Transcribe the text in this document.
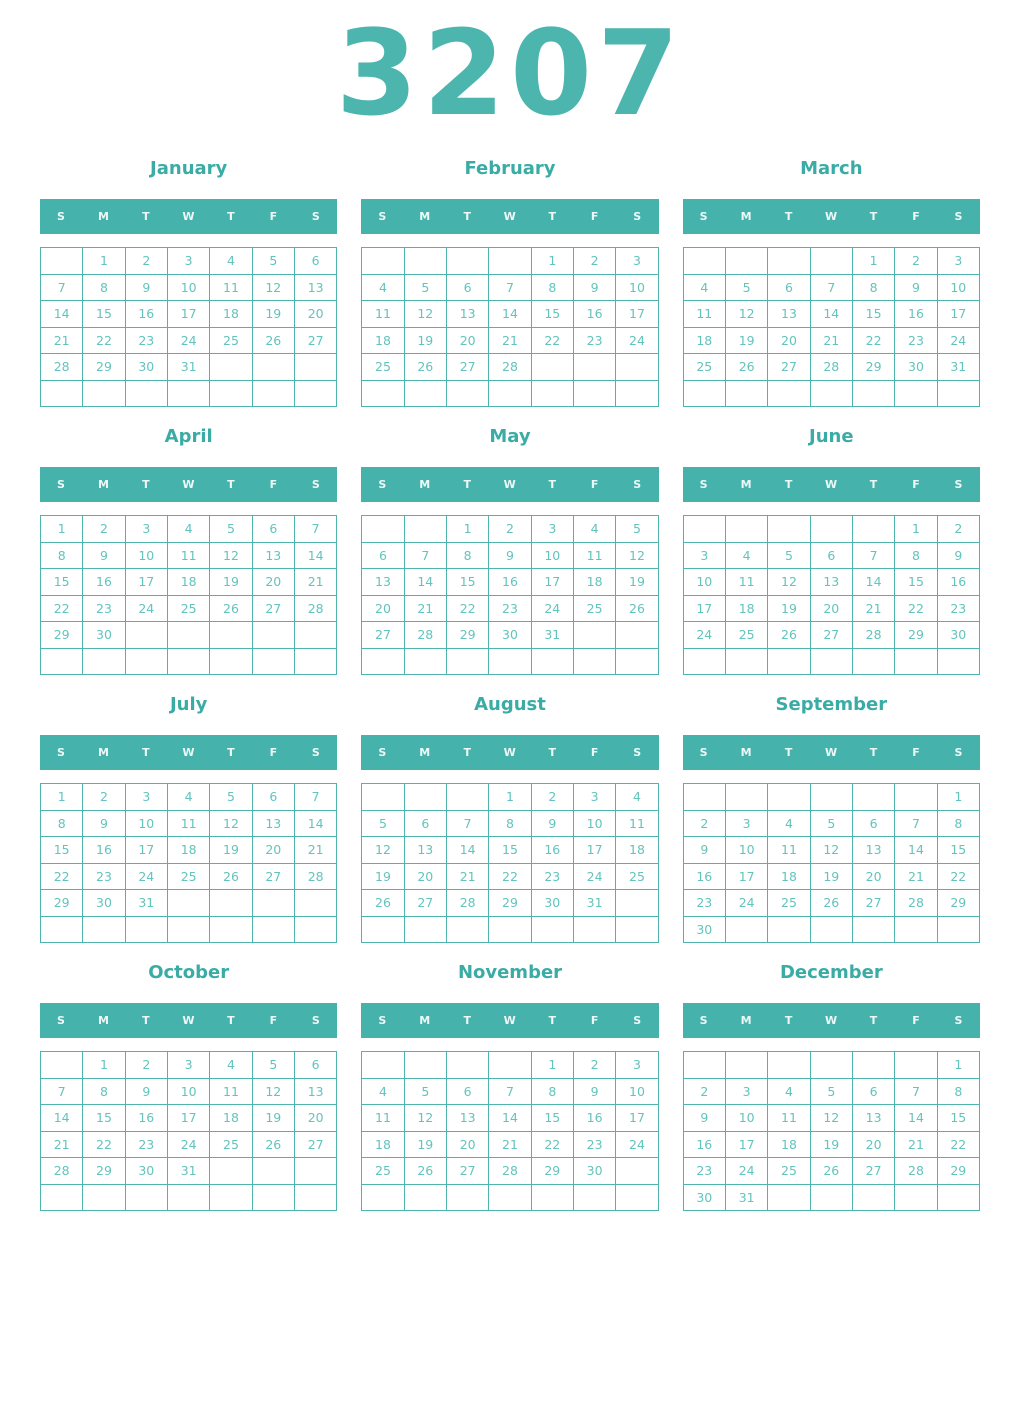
3207
January
S	M	T	W	T	F	S
	1	2	3	4	5	6
7	8	9	10	11	12	13
14	15	16	17	18	19	20
21	22	23	24	25	26	27
28	29	30	31			

February
S	M	T	W	T	F	S
				1	2	3
4	5	6	7	8	9	10
11	12	13	14	15	16	17
18	19	20	21	22	23	24
25	26	27	28			

March
S	M	T	W	T	F	S
				1	2	3
4	5	6	7	8	9	10
11	12	13	14	15	16	17
18	19	20	21	22	23	24
25	26	27	28	29	30	31

April
S	M	T	W	T	F	S
1	2	3	4	5	6	7
8	9	10	11	12	13	14
15	16	17	18	19	20	21
22	23	24	25	26	27	28
29	30					

May
S	M	T	W	T	F	S
		1	2	3	4	5
6	7	8	9	10	11	12
13	14	15	16	17	18	19
20	21	22	23	24	25	26
27	28	29	30	31		

June
S	M	T	W	T	F	S
					1	2
3	4	5	6	7	8	9
10	11	12	13	14	15	16
17	18	19	20	21	22	23
24	25	26	27	28	29	30

July
S	M	T	W	T	F	S
1	2	3	4	5	6	7
8	9	10	11	12	13	14
15	16	17	18	19	20	21
22	23	24	25	26	27	28
29	30	31				

August
S	M	T	W	T	F	S
			1	2	3	4
5	6	7	8	9	10	11
12	13	14	15	16	17	18
19	20	21	22	23	24	25
26	27	28	29	30	31	

September
S	M	T	W	T	F	S
						1
2	3	4	5	6	7	8
9	10	11	12	13	14	15
16	17	18	19	20	21	22
23	24	25	26	27	28	29
30						
October
S	M	T	W	T	F	S
	1	2	3	4	5	6
7	8	9	10	11	12	13
14	15	16	17	18	19	20
21	22	23	24	25	26	27
28	29	30	31			

November
S	M	T	W	T	F	S
				1	2	3
4	5	6	7	8	9	10
11	12	13	14	15	16	17
18	19	20	21	22	23	24
25	26	27	28	29	30	

December
S	M	T	W	T	F	S
						1
2	3	4	5	6	7	8
9	10	11	12	13	14	15
16	17	18	19	20	21	22
23	24	25	26	27	28	29
30	31					
